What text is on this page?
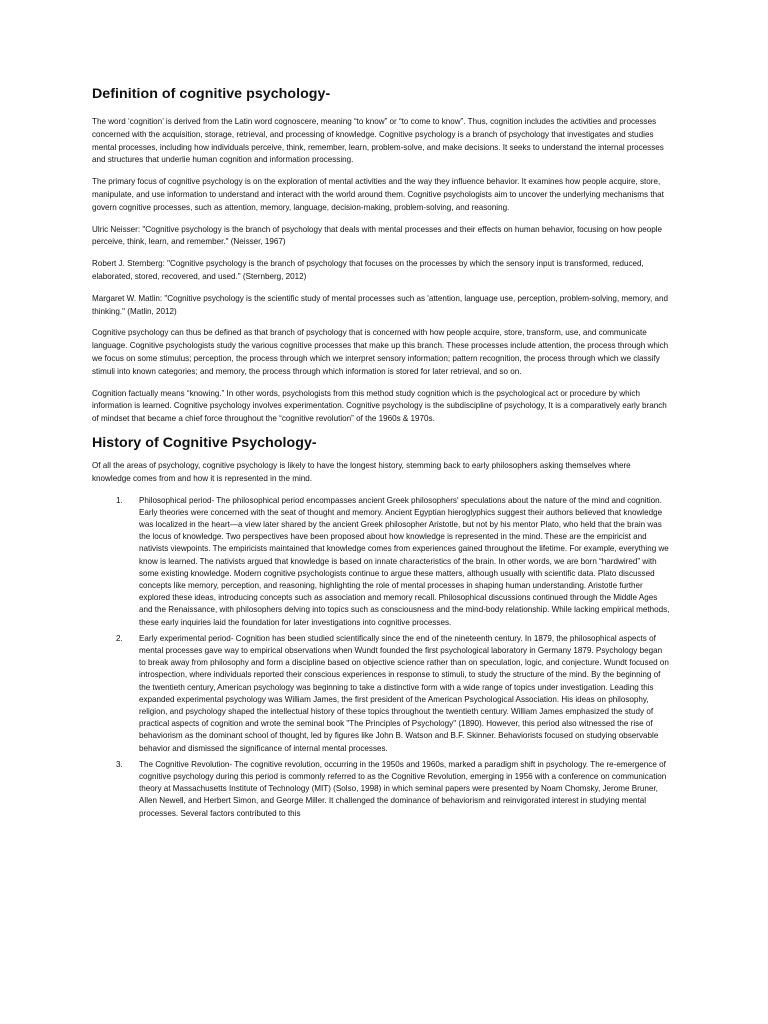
Definition of cognitive psychology-

The word ‘cognition’ is derived from the Latin word cognoscere, meaning “to know” or “to come to know”. Thus, cognition includes the activities and processes concerned with the acquisition, storage, retrieval, and processing of knowledge. Cognitive psychology is a branch of psychology that investigates and studies mental processes, including how individuals perceive, think, remember, learn, problem-solve, and make decisions. It seeks to understand the internal processes and structures that underlie human cognition and information processing.

The primary focus of cognitive psychology is on the exploration of mental activities and the way they influence behavior. It examines how people acquire, store, manipulate, and use information to understand and interact with the world around them. Cognitive psychologists aim to uncover the underlying mechanisms that govern cognitive processes, such as attention, memory, language, decision-making, problem-solving, and reasoning.

Ulric Neisser: "Cognitive psychology is the branch of psychology that deals with mental processes and their effects on human behavior, focusing on how people perceive, think, learn, and remember." (Neisser, 1967)

Robert J. Sternberg: "Cognitive psychology is the branch of psychology that focuses on the processes by which the sensory input is transformed, reduced, elaborated, stored, recovered, and used." (Sternberg, 2012)

Margaret W. Matlin: "Cognitive psychology is the scientific study of mental processes such as 'attention, language use, perception, problem-solving, memory, and thinking." (Matlin, 2012)

Cognitive psychology can thus be defined as that branch of psychology that is concerned with how people acquire, store, transform, use, and communicate language. Cognitive psychologists study the various cognitive processes that make up this branch. These processes include attention, the process through which we focus on some stimulus; perception, the process through which we interpret sensory information; pattern recognition, the process through which we classify stimuli into known categories; and memory, the process through which information is stored for later retrieval, and so on.

Cognition factually means “knowing.” In other words, psychologists from this method study cognition which is the psychological act or procedure by which information is learned. Cognitive psychology involves experimentation. Cognitive psychology is the subdiscipline of psychology, It is a comparatively early branch of mindset that became a chief force throughout the “cognitive revolution” of the 1960s & 1970s.

History of Cognitive Psychology-

Of all the areas of psychology, cognitive psychology is likely to have the longest history, stemming back to early philosophers asking themselves where knowledge comes from and how it is represented in the mind.

1. Philosophical period- The philosophical period encompasses ancient Greek philosophers' speculations about the nature of the mind and cognition. Early theories were concerned with the seat of thought and memory. Ancient Egyptian hieroglyphics suggest their authors believed that knowledge was localized in the heart—a view later shared by the ancient Greek philosopher Aristotle, but not by his mentor Plato, who held that the brain was the locus of knowledge. Two perspectives have been proposed about how knowledge is represented in the mind. These are the empiricist and nativists viewpoints. The empiricists maintained that knowledge comes from experiences gained throughout the lifetime. For example, everything we know is learned. The nativists argued that knowledge is based on innate characteristics of the brain. In other words, we are born “hardwired” with some existing knowledge. Modern cognitive psychologists continue to argue these matters, although usually with scientific data. Plato discussed concepts like memory, perception, and reasoning, highlighting the role of mental processes in shaping human understanding. Aristotle further explored these ideas, introducing concepts such as association and memory recall. Philosophical discussions continued through the Middle Ages and the Renaissance, with philosophers delving into topics such as consciousness and the mind-body relationship. While lacking empirical methods, these early inquiries laid the foundation for later investigations into cognitive processes.
2. Early experimental period- Cognition has been studied scientifically since the end of the nineteenth century. In 1879, the philosophical aspects of mental processes gave way to empirical observations when Wundt founded the first psychological laboratory in Germany 1879. Psychology began to break away from philosophy and form a discipline based on objective science rather than on speculation, logic, and conjecture. Wundt focused on introspection, where individuals reported their conscious experiences in response to stimuli, to study the structure of the mind. By the beginning of the twentieth century, American psychology was beginning to take a distinctive form with a wide range of topics under investigation. Leading this expanded experimental psychology was William James, the first president of the American Psychological Association. His ideas on philosophy, religion, and psychology shaped the intellectual history of these topics throughout the twentieth century. William James emphasized the study of practical aspects of cognition and wrote the seminal book "The Principles of Psychology" (1890). However, this period also witnessed the rise of behaviorism as the dominant school of thought, led by figures like John B. Watson and B.F. Skinner. Behaviorists focused on studying observable behavior and dismissed the significance of internal mental processes.
3. The Cognitive Revolution- The cognitive revolution, occurring in the 1950s and 1960s, marked a paradigm shift in psychology. The re-emergence of cognitive psychology during this period is commonly referred to as the Cognitive Revolution, emerging in 1956 with a conference on communication theory at Massachusetts Institute of Technology (MIT) (Solso, 1998) in which seminal papers were presented by Noam Chomsky, Jerome Bruner, Allen Newell, and Herbert Simon, and George Miller. It challenged the dominance of behaviorism and reinvigorated interest in studying mental processes. Several factors contributed to this
